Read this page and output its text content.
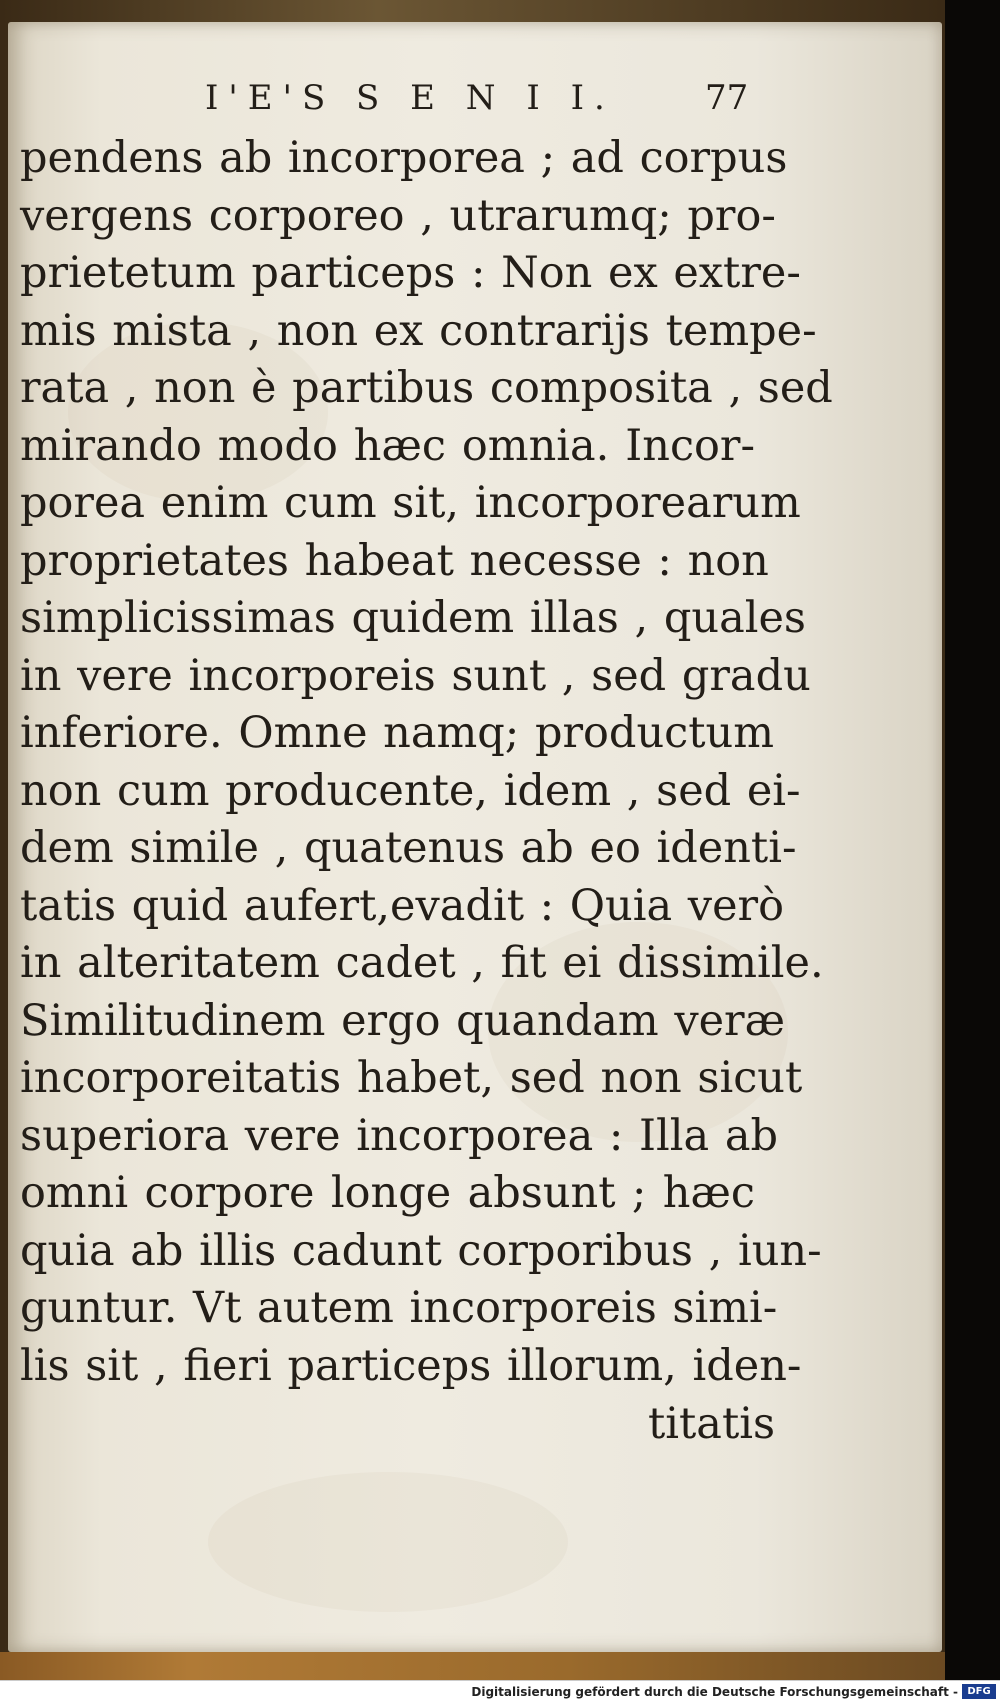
I'E'S S E N I I.	77
pendens ab incorporea ; ad corpus
vergens corporeo , utrarumq; pro-
prietetum particeps : Non ex extre-
mis mista , non ex contrarijs tempe-
rata , non è partibus composita , sed
mirando modo hæc omnia. Incor-
porea enim cum sit, incorporearum
proprietates habeat necesse : non
simplicissimas quidem illas , quales
in vere incorporeis sunt , sed gradu
inferiore. Omne namq; productum
non cum producente, idem , sed ei-
dem simile , quatenus ab eo identi-
tatis quid aufert,evadit : Quia verò
in alteritatem cadet , fit ei dissimile.
Similitudinem ergo quandam veræ
incorporeitatis habet, sed non sicut
superiora vere incorporea : Illa ab
omni corpore longe absunt ; hæc
quia ab illis cadunt corporibus , iun-
guntur. Vt autem incorporeis simi-
lis sit , fieri particeps illorum, iden-
titatis
Digitalisierung gefördert durch die Deutsche Forschungsgemeinschaft - DFG
